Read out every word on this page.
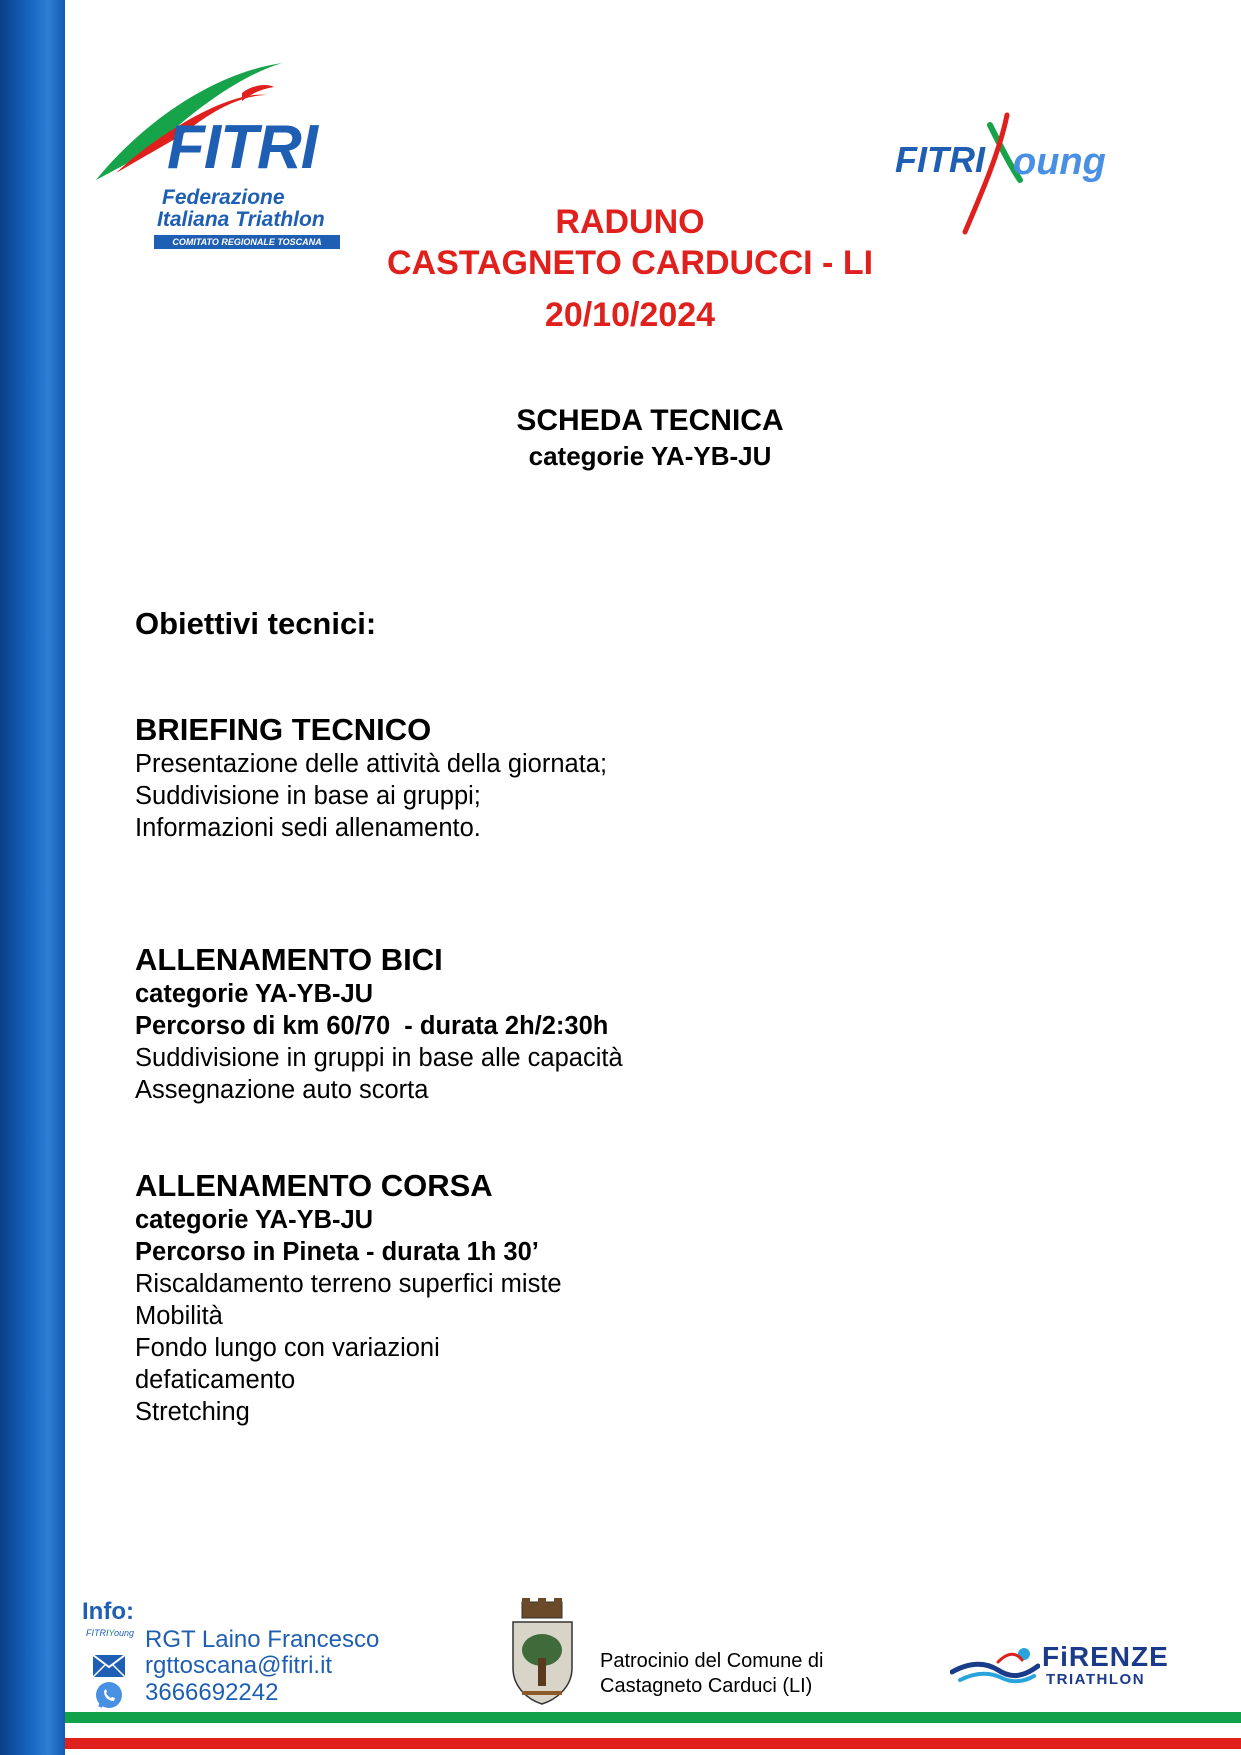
FITRI
Federazione
Italiana Triathlon
COMITATO REGIONALE TOSCANA
FITRI oung
RADUNO
CASTAGNETO CARDUCCI - LI
20/10/2024
SCHEDA TECNICA
categorie YA-YB-JU
Obiettivi tecnici:
BRIEFING TECNICO
Presentazione delle attività della giornata;
Suddivisione in base ai gruppi;
Informazioni sedi allenamento.
ALLENAMENTO BICI
categorie YA-YB-JU
Percorso di km 60/70  - durata 2h/2:30h
Suddivisione in gruppi in base alle capacità
Assegnazione auto scorta
ALLENAMENTO CORSA
categorie YA-YB-JU
Percorso in Pineta - durata 1h 30’
Riscaldamento terreno superfici miste
Mobilità
Fondo lungo con variazioni
defaticamento
Stretching
Info:
FITRIYoung RGT Laino Francesco
rgttoscana@fitri.it
3666692242
Patrocinio del Comune di
Castagneto Carduci (LI)
FiRENZE
TRIATHLON
